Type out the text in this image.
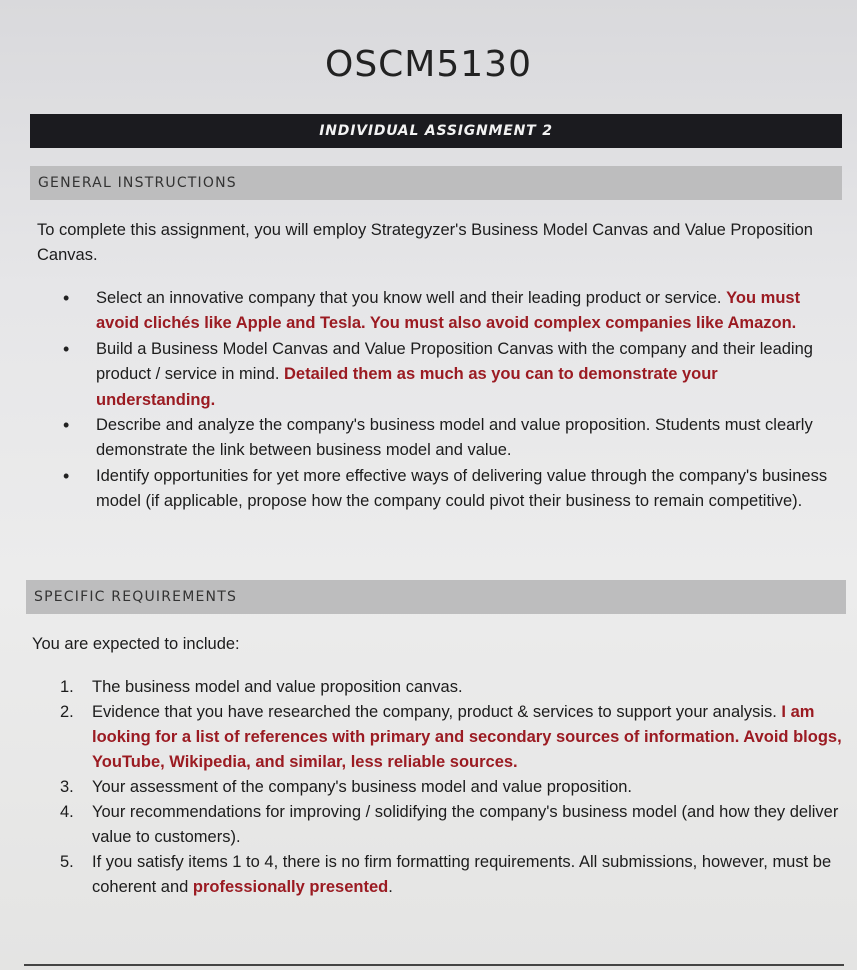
OSCM5130
INDIVIDUAL ASSIGNMENT 2
GENERAL INSTRUCTIONS
To complete this assignment, you will employ Strategyzer's Business Model Canvas and Value Proposition Canvas.
• Select an innovative company that you know well and their leading product or service. You must avoid clichés like Apple and Tesla. You must also avoid complex companies like Amazon.
• Build a Business Model Canvas and Value Proposition Canvas with the company and their leading product / service in mind. Detailed them as much as you can to demonstrate your understanding.
• Describe and analyze the company's business model and value proposition. Students must clearly demonstrate the link between business model and value.
• Identify opportunities for yet more effective ways of delivering value through the company's business model (if applicable, propose how the company could pivot their business to remain competitive).
SPECIFIC REQUIREMENTS
You are expected to include:
1. The business model and value proposition canvas.
2. Evidence that you have researched the company, product & services to support your analysis. I am looking for a list of references with primary and secondary sources of information. Avoid blogs, YouTube, Wikipedia, and similar, less reliable sources.
3. Your assessment of the company's business model and value proposition.
4. Your recommendations for improving / solidifying the company's business model (and how they deliver value to customers).
5. If you satisfy items 1 to 4, there is no firm formatting requirements. All submissions, however, must be coherent and professionally presented.
